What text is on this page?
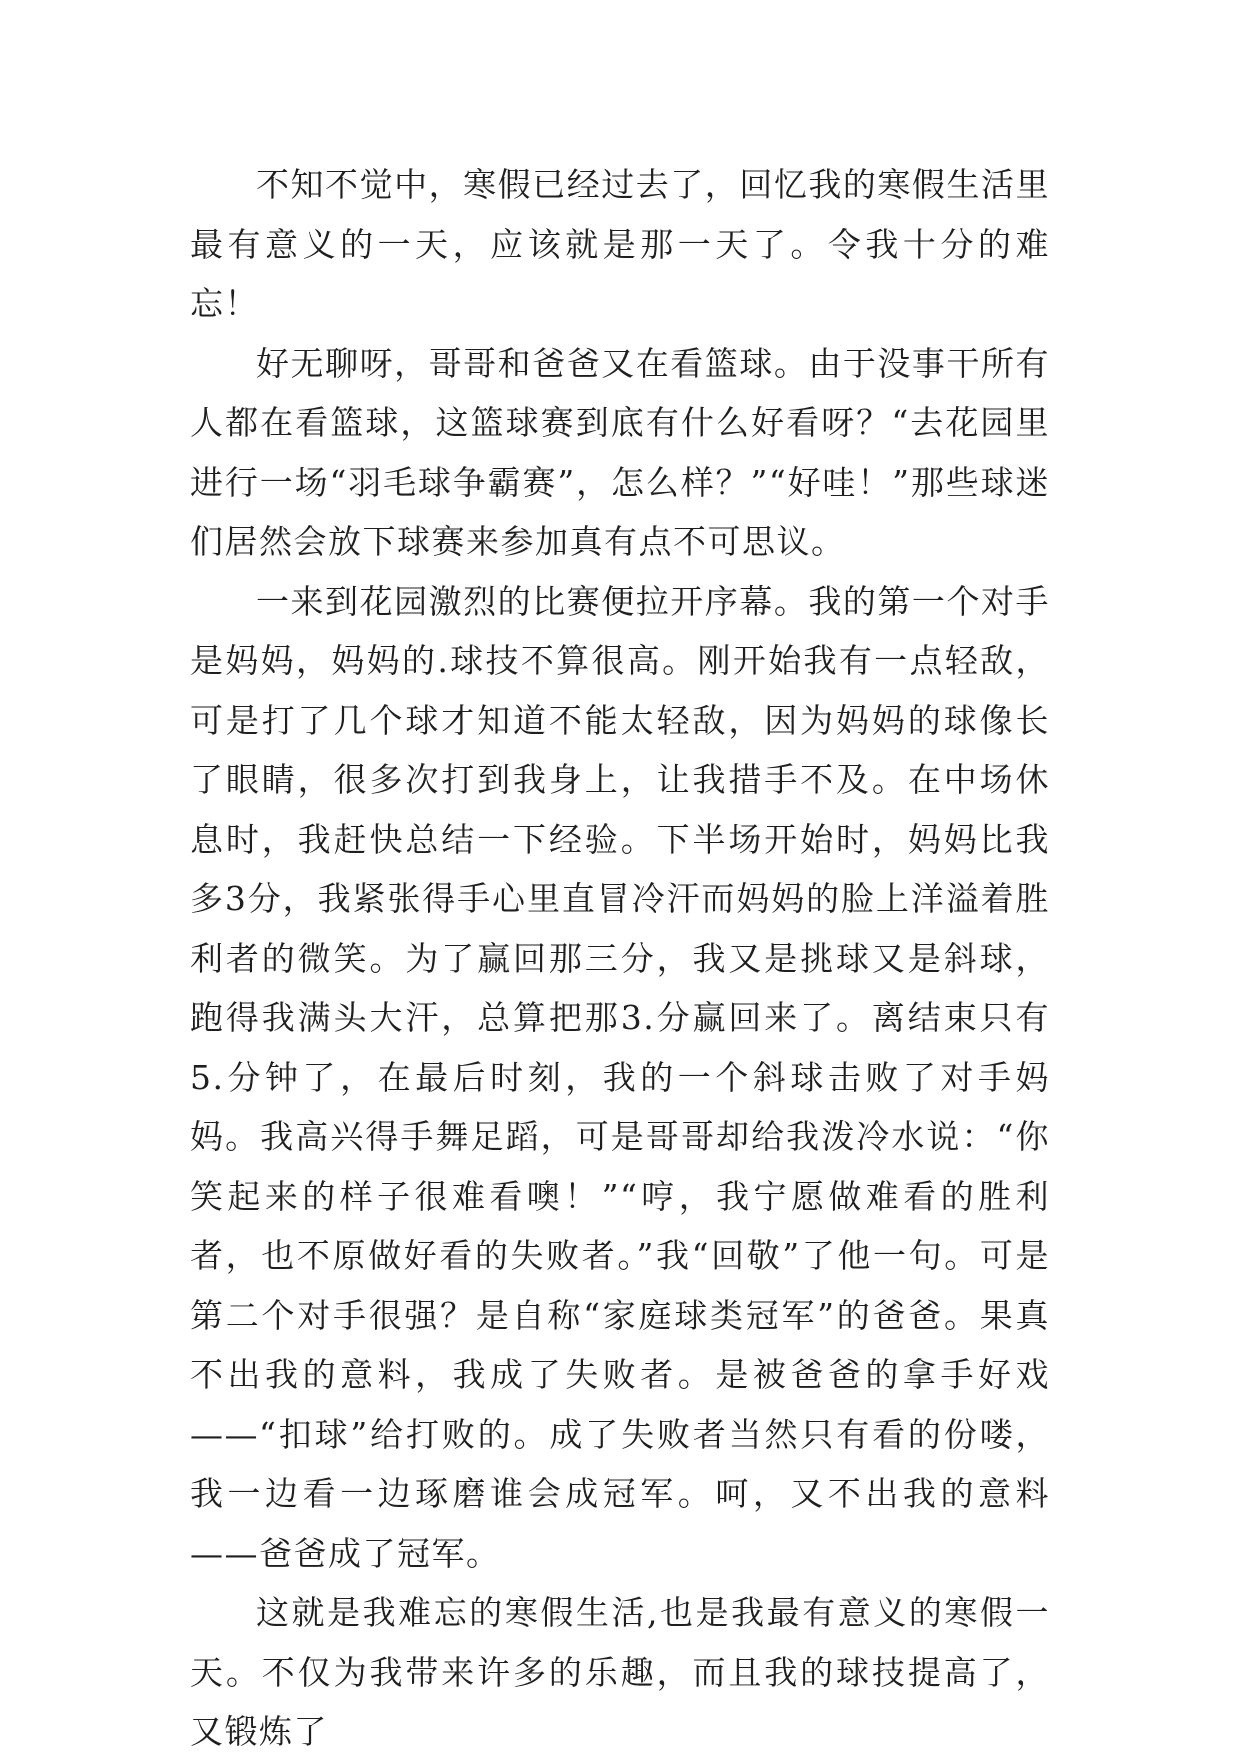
不知不觉中，寒假已经过去了，回忆我的寒假生活里最有意义的一天，应该就是那一天了。令我十分的难忘！

好无聊呀，哥哥和爸爸又在看篮球。由于没事干所有人都在看篮球，这篮球赛到底有什么好看呀？“去花园里进行一场“羽毛球争霸赛”，怎么样？”“好哇！”那些球迷们居然会放下球赛来参加真有点不可思议。

一来到花园激烈的比赛便拉开序幕。我的第一个对手是妈妈，妈妈的.球技不算很高。刚开始我有一点轻敌，可是打了几个球才知道不能太轻敌，因为妈妈的球像长了眼睛，很多次打到我身上，让我措手不及。在中场休息时，我赶快总结一下经验。下半场开始时，妈妈比我多3分，我紧张得手心里直冒冷汗而妈妈的脸上洋溢着胜利者的微笑。为了赢回那三分，我又是挑球又是斜球，跑得我满头大汗，总算把那3.分赢回来了。离结束只有5.分钟了，在最后时刻，我的一个斜球击败了对手妈妈。我高兴得手舞足蹈，可是哥哥却给我泼冷水说：“你笑起来的样子很难看噢！”“哼，我宁愿做难看的胜利者，也不原做好看的失败者。”我“回敬”了他一句。可是第二个对手很强？是自称“家庭球类冠军”的爸爸。果真不出我的意料，我成了失败者。是被爸爸的拿手好戏——“扣球”给打败的。成了失败者当然只有看的份喽，我一边看一边琢磨谁会成冠军。呵，又不出我的意料——爸爸成了冠军。

这就是我难忘的寒假生活,也是我最有意义的寒假一天。不仅为我带来许多的乐趣，而且我的球技提高了，又锻炼了
